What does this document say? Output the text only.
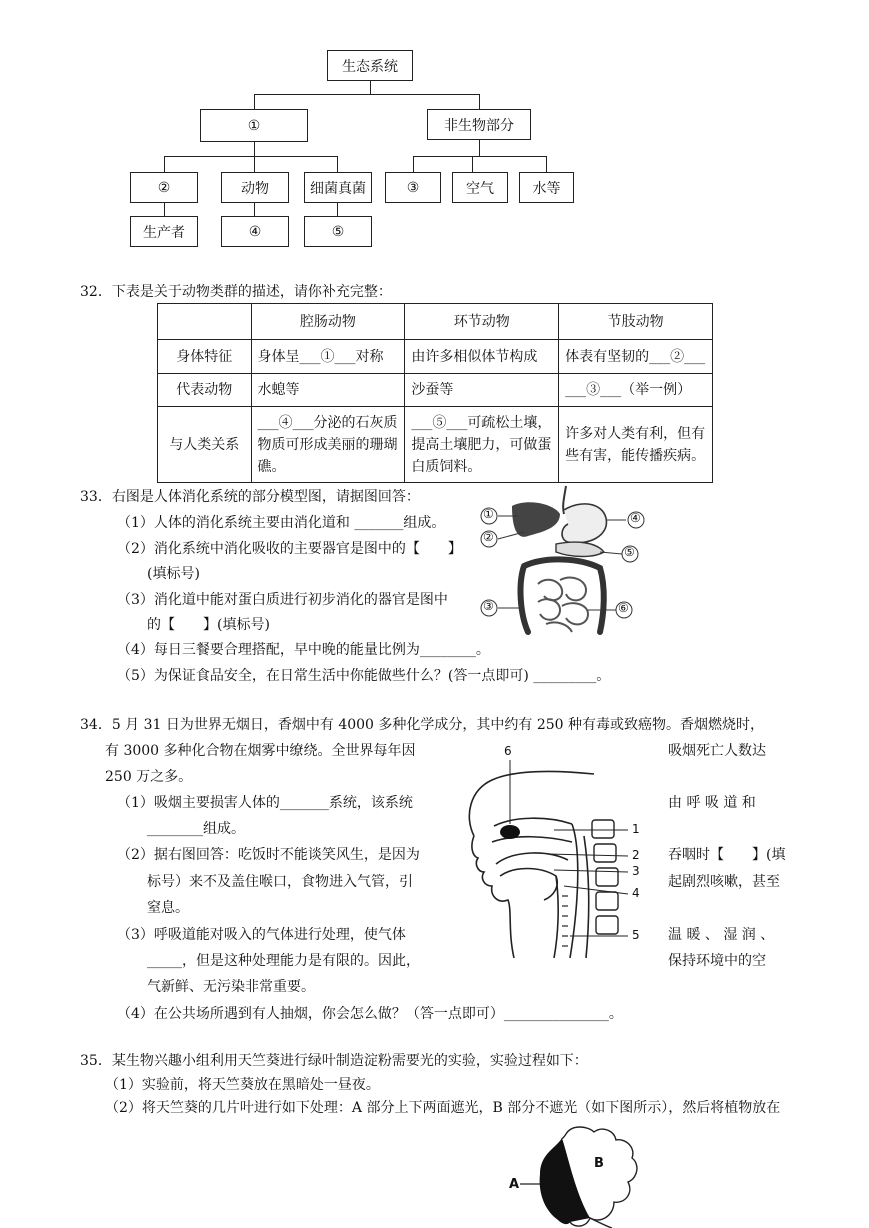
生态系统
①	非生物部分
②	动物	细菌真菌	③	空气	水等
生产者	④	⑤
32．下表是关于动物类群的描述，请你补充完整：
	腔肠动物	环节动物	节肢动物
身体特征	身体呈___①___对称	由许多相似体节构成	体表有坚韧的___②___
代表动物	水螅等	沙蚕等	___③___（举一例）
与人类关系	___④___分泌的石灰质物质可形成美丽的珊瑚礁。	___⑤___可疏松土壤，提高土壤肥力，可做蛋白质饲料。	许多对人类有利，但有些有害，能传播疾病。
33．右图是人体消化系统的部分模型图，请据图回答：
（1）人体的消化系统主要由消化道和 _______组成。
（2）消化系统中消化吸收的主要器官是图中的【　　】
(填标号)
（3）消化道中能对蛋白质进行初步消化的器官是图中
的【　　】(填标号)
（4）每日三餐要合理搭配，早中晚的能量比例为________。
（5）为保证食品安全，在日常生活中你能做些什么？(答一点即可) _________。
①
②
③
④
⑤
⑥
34．5 月 31 日为世界无烟日，香烟中有 4000 多种化学成分，其中约有 250 种有毒或致癌物。香烟燃烧时，
有 3000 多种化合物在烟雾中缭绕。全世界每年因	吸烟死亡人数达
250 万之多。
（1）吸烟主要损害人体的_______系统，该系统	由 呼 吸 道 和
________组成。
（2）据右图回答：吃饭时不能谈笑风生，是因为	吞咽时【　　】(填
标号）来不及盖住喉口，食物进入气管，引	起剧烈咳嗽，甚至
窒息。
（3）呼吸道能对吸入的气体进行处理，使气体	温 暖 、 湿 润 、
_____，但是这种处理能力是有限的。因此，	保持环境中的空
气新鲜、无污染非常重要。
（4）在公共场所遇到有人抽烟，你会怎么做？（答一点即可）_______________。
6
1
2
3
4
5
35．某生物兴趣小组利用天竺葵进行绿叶制造淀粉需要光的实验，实验过程如下：
（1）实验前，将天竺葵放在黑暗处一昼夜。
（2）将天竺葵的几片叶进行如下处理：A 部分上下两面遮光，B 部分不遮光（如下图所示），然后将植物放在
A
B
